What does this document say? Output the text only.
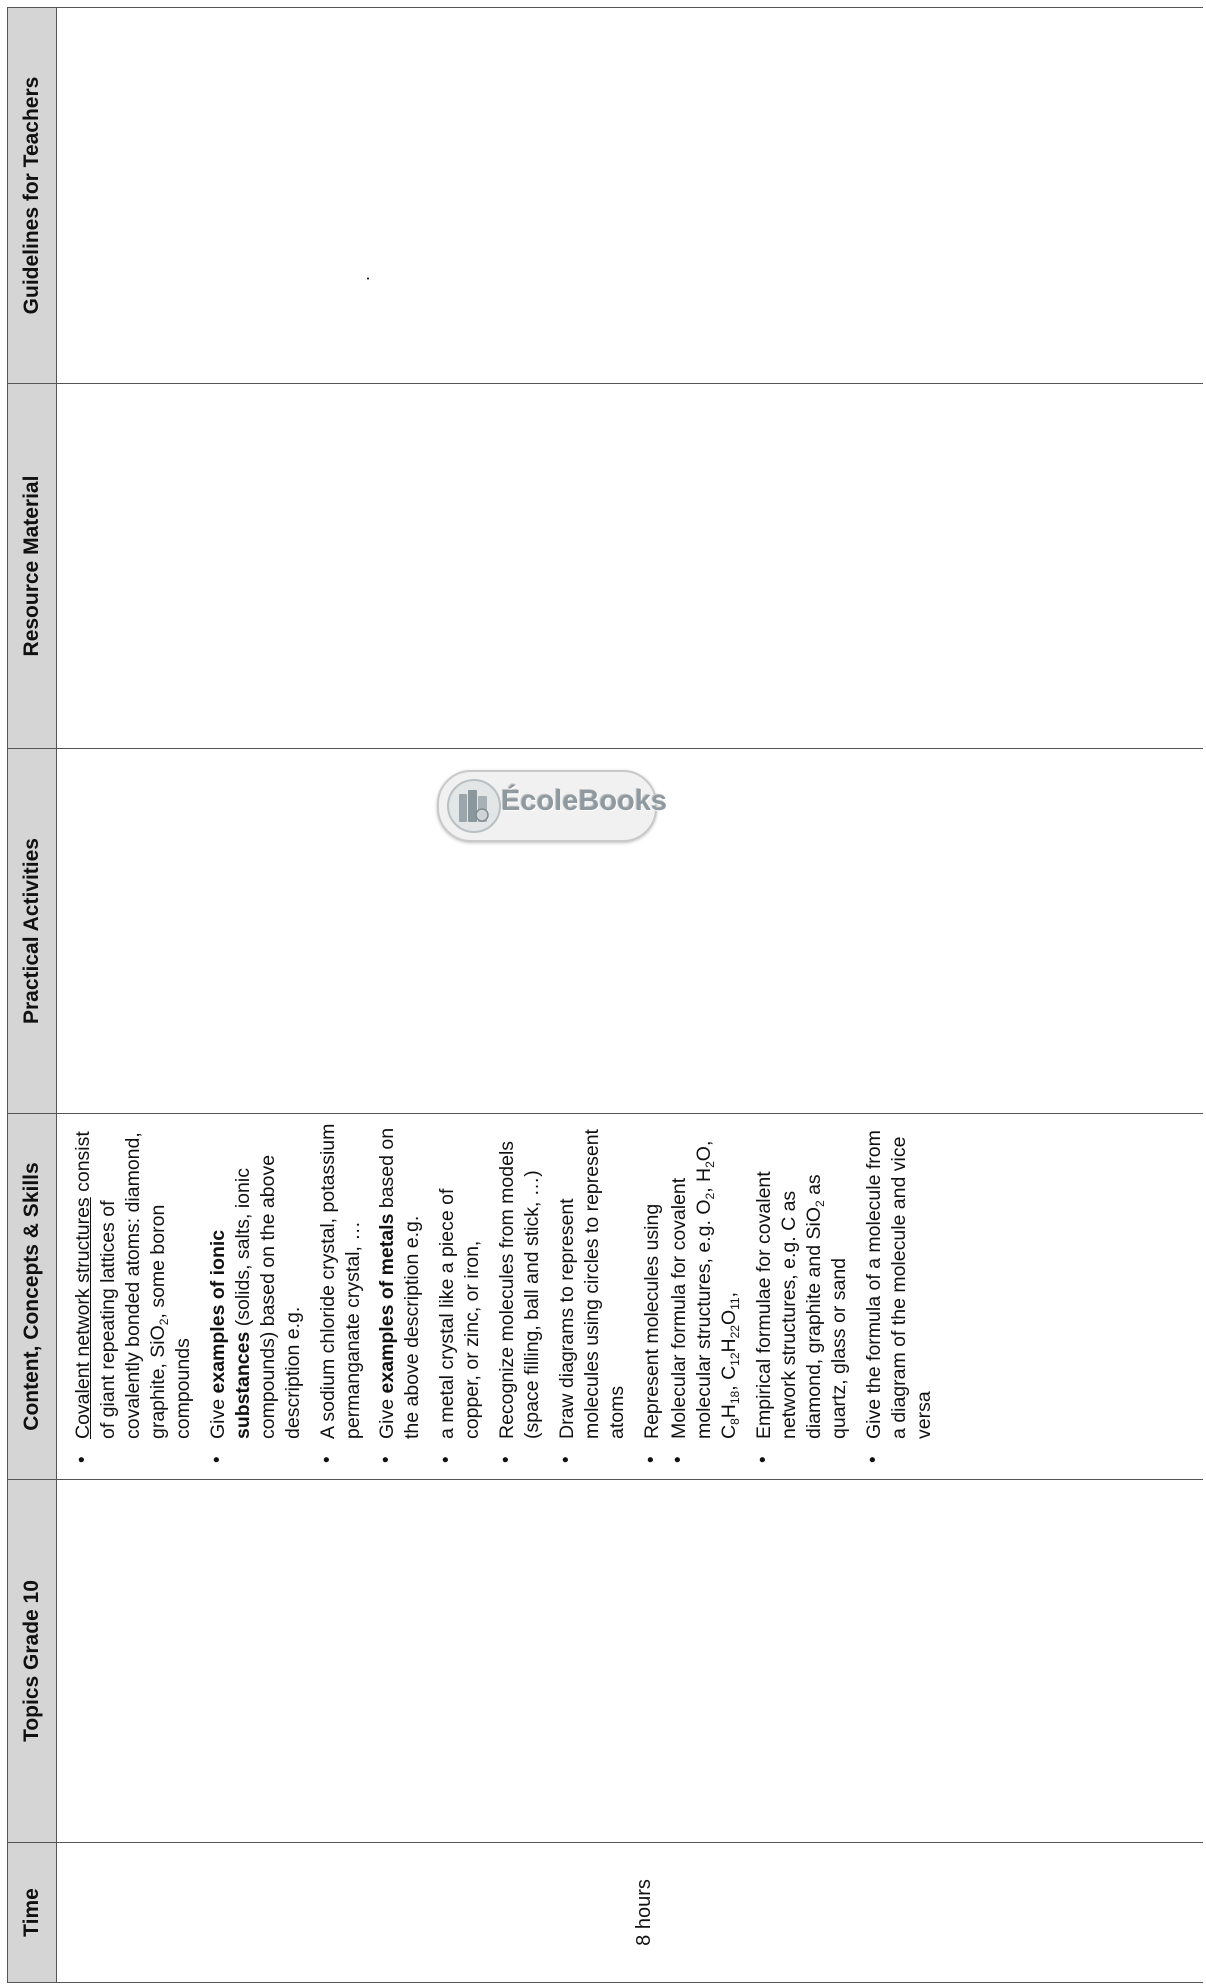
Time
Topics Grade 10
Content, Concepts & Skills
Practical Activities
Resource Material
Guidelines for Teachers
8 hours
• Covalent network structures consist of giant repeating lattices of covalently bonded atoms: diamond, graphite, SiO$_2$, some boron compounds • Give examples of ionic substances (solids, salts, ionic compounds) based on the above description e.g. • A sodium chloride crystal, potassium permanganate crystal, … • Give examples of metals based on the above description e.g. • a metal crystal like a piece of copper, or zinc, or iron, • Recognize molecules from models (space filling, ball and stick, …) • Draw diagrams to represent molecules using circles to represent atoms • Represent molecules using • Molecular formula for covalent molecular structures, e.g. $O_2$, $H_2O$, $C_8H_{18}$, $C_{12}H_{22}O_{11}$, • Empirical formulae for covalent network structures, e.g. C as diamond, graphite and SiO$_2$ as quartz, glass or sand • Give the formula of a molecule from a diagram of the molecule and vice versa
.
ÉcoleBooks
